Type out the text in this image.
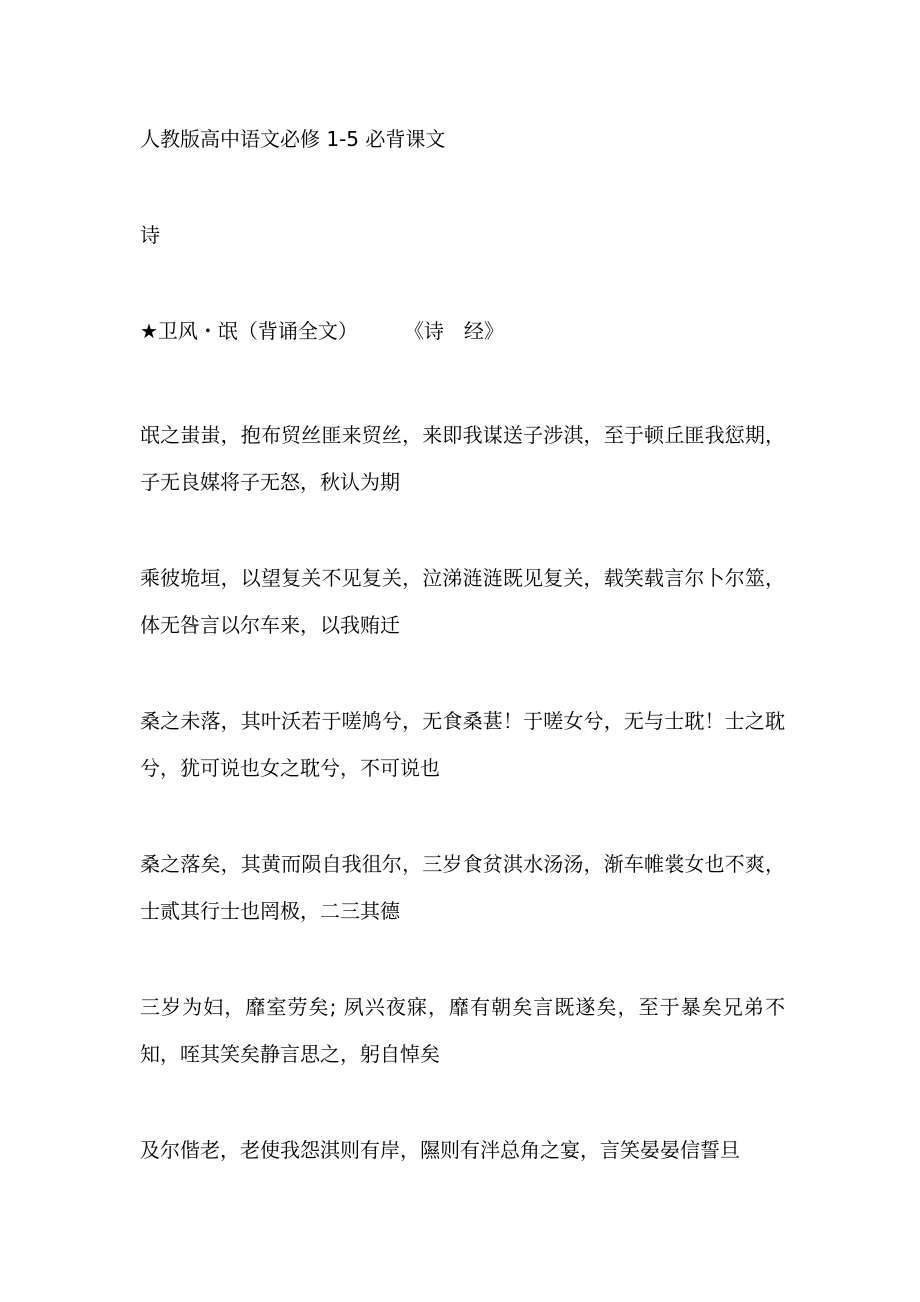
人教版高中语文必修 1-5 必背课文
诗
★卫风・氓（背诵全文）	《诗　经》

氓之蚩蚩，抱布贸丝匪来贸丝，来即我谋送子涉淇，至于顿丘匪我愆期，子无良媒将子无怒，秋认为期

乘彼垝垣，以望复关不见复关，泣涕涟涟既见复关，载笑载言尔卜尔筮，体无咎言以尔车来，以我贿迁

桑之未落，其叶沃若于嗟鸠兮，无食桑葚！于嗟女兮，无与士耽！士之耽兮，犹可说也女之耽兮，不可说也

桑之落矣，其黄而陨自我徂尔，三岁食贫淇水汤汤，渐车帷裳女也不爽，士贰其行士也罔极，二三其德

三岁为妇，靡室劳矣; 夙兴夜寐，靡有朝矣言既遂矣，至于暴矣兄弟不知，咥其笑矣静言思之，躬自悼矣

及尔偕老，老使我怨淇则有岸，隰则有泮总角之宴，言笑晏晏信誓旦
